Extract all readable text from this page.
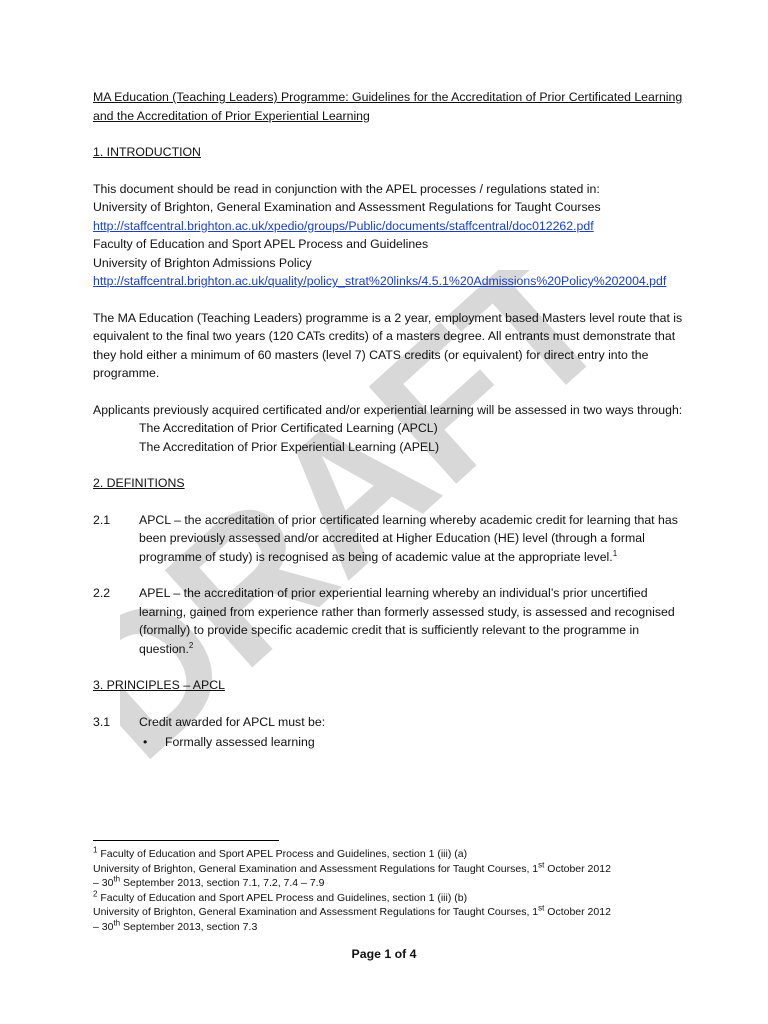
DRAFT

MA Education (Teaching Leaders) Programme: Guidelines for the Accreditation of Prior Certificated Learning and the Accreditation of Prior Experiential Learning

1. INTRODUCTION

This document should be read in conjunction with the APEL processes / regulations stated in:

University of Brighton, General Examination and Assessment Regulations for Taught Courses

http://staffcentral.brighton.ac.uk/xpedio/groups/Public/documents/staffcentral/doc012262.pdf

Faculty of Education and Sport APEL Process and Guidelines

University of Brighton Admissions Policy

http://staffcentral.brighton.ac.uk/quality/policy_strat%20links/4.5.1%20Admissions%20Policy%202004.pdf

The MA Education (Teaching Leaders) programme is a 2 year, employment based Masters level route that is equivalent to the final two years (120 CATs credits) of a masters degree. All entrants must demonstrate that they hold either a minimum of 60 masters (level 7) CATS credits (or equivalent) for direct entry into the programme.

Applicants previously acquired certificated and/or experiential learning will be assessed in two ways through:

The Accreditation of Prior Certificated Learning (APCL)

The Accreditation of Prior Experiential Learning (APEL)

2. DEFINITIONS

2.1	APCL – the accreditation of prior certificated learning whereby academic credit for learning that has been previously assessed and/or accredited at Higher Education (HE) level (through a formal programme of study) is recognised as being of academic value at the appropriate level.$^1$
2.2	APEL – the accreditation of prior experiential learning whereby an individual’s prior uncertified learning, gained from experience rather than formerly assessed study, is assessed and recognised (formally) to provide specific academic credit that is sufficiently relevant to the programme in question.$^2$

3. PRINCIPLES – APCL

3.1	Credit awarded for APCL must be:
•	Formally assessed learning
$^1$ Faculty of Education and Sport APEL Process and Guidelines, section 1 (iii) (a)
University of Brighton, General Examination and Assessment Regulations for Taught Courses, 1st October 2012
– 30th September 2013, section 7.1, 7.2, 7.4 – 7.9
$^2$ Faculty of Education and Sport APEL Process and Guidelines, section 1 (iii) (b)
University of Brighton, General Examination and Assessment Regulations for Taught Courses, 1st October 2012
– 30th September 2013, section 7.3
Page 1 of 4
